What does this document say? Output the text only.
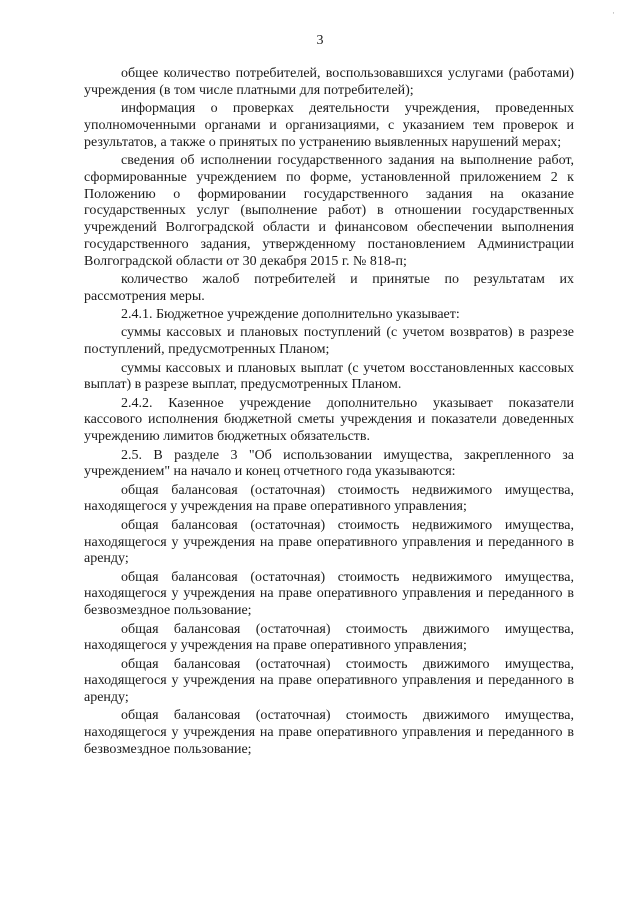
·
3

общее количество потребителей, воспользовавшихся услугами (работами) учреждения (в том числе платными для потребителей);

информация о проверках деятельности учреждения, проведенных уполномоченными органами и организациями, с указанием тем проверок и результатов, а также о принятых по устранению выявленных нарушений мерах;

сведения об исполнении государственного задания на выполнение работ, сформированные учреждением по форме, установленной приложением 2 к Положению о формировании государственного задания на оказание государственных услуг (выполнение работ) в отношении государственных учреждений Волгоградской области и финансовом обеспечении выполнения государственного задания, утвержденному постановлением Администрации Волгоградской области от 30 декабря 2015 г. № 818-п;

количество жалоб потребителей и принятые по результатам их рассмотрения меры.

2.4.1. Бюджетное учреждение дополнительно указывает:

суммы кассовых и плановых поступлений (с учетом возвратов) в разрезе поступлений, предусмотренных Планом;

суммы кассовых и плановых выплат (с учетом восстановленных кассовых выплат) в разрезе выплат, предусмотренных Планом.

2.4.2. Казенное учреждение дополнительно указывает показатели кассового исполнения бюджетной сметы учреждения и показатели доведенных учреждению лимитов бюджетных обязательств.

2.5. В разделе 3 "Об использовании имущества, закрепленного за учреждением" на начало и конец отчетного года указываются:

общая балансовая (остаточная) стоимость недвижимого имущества, находящегося у учреждения на праве оперативного управления;

общая балансовая (остаточная) стоимость недвижимого имущества, находящегося у учреждения на праве оперативного управления и переданного в аренду;

общая балансовая (остаточная) стоимость недвижимого имущества, находящегося у учреждения на праве оперативного управления и переданного в безвозмездное пользование;

общая балансовая (остаточная) стоимость движимого имущества, находящегося у учреждения на праве оперативного управления;

общая балансовая (остаточная) стоимость движимого имущества, находящегося у учреждения на праве оперативного управления и переданного в аренду;

общая балансовая (остаточная) стоимость движимого имущества, находящегося у учреждения на праве оперативного управления и переданного в безвозмездное пользование;
